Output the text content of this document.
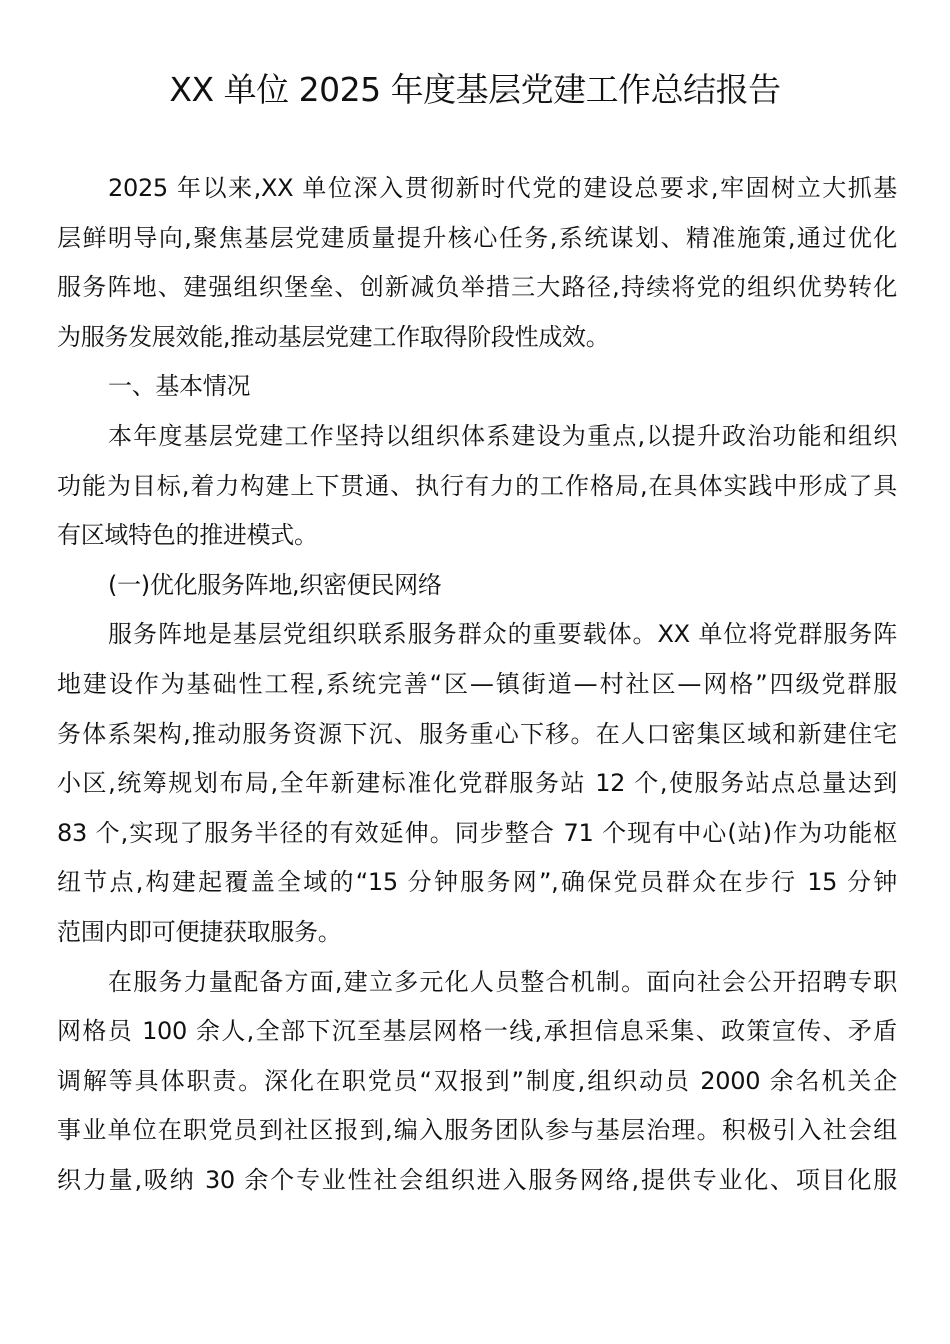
XX 单位 2025 年度基层党建工作总结报告
2025 年以来,XX 单位深入贯彻新时代党的建设总要求,牢固树立大抓基
层鲜明导向,聚焦基层党建质量提升核心任务,系统谋划、精准施策,通过优化
服务阵地、建强组织堡垒、创新减负举措三大路径,持续将党的组织优势转化
为服务发展效能,推动基层党建工作取得阶段性成效。
一、基本情况
本年度基层党建工作坚持以组织体系建设为重点,以提升政治功能和组织
功能为目标,着力构建上下贯通、执行有力的工作格局,在具体实践中形成了具
有区域特色的推进模式。
(一)优化服务阵地,织密便民网络
服务阵地是基层党组织联系服务群众的重要载体。XX 单位将党群服务阵
地建设作为基础性工程,系统完善“区—镇街道—村社区—网格”四级党群服
务体系架构,推动服务资源下沉、服务重心下移。在人口密集区域和新建住宅
小区,统筹规划布局,全年新建标准化党群服务站 12 个,使服务站点总量达到
83 个,实现了服务半径的有效延伸。同步整合 71 个现有中心(站)作为功能枢
纽节点,构建起覆盖全域的“15 分钟服务网”,确保党员群众在步行 15 分钟
范围内即可便捷获取服务。
在服务力量配备方面,建立多元化人员整合机制。面向社会公开招聘专职
网格员 100 余人,全部下沉至基层网格一线,承担信息采集、政策宣传、矛盾
调解等具体职责。深化在职党员“双报到”制度,组织动员 2000 余名机关企
事业单位在职党员到社区报到,编入服务团队参与基层治理。积极引入社会组
织力量,吸纳 30 余个专业性社会组织进入服务网络,提供专业化、项目化服
